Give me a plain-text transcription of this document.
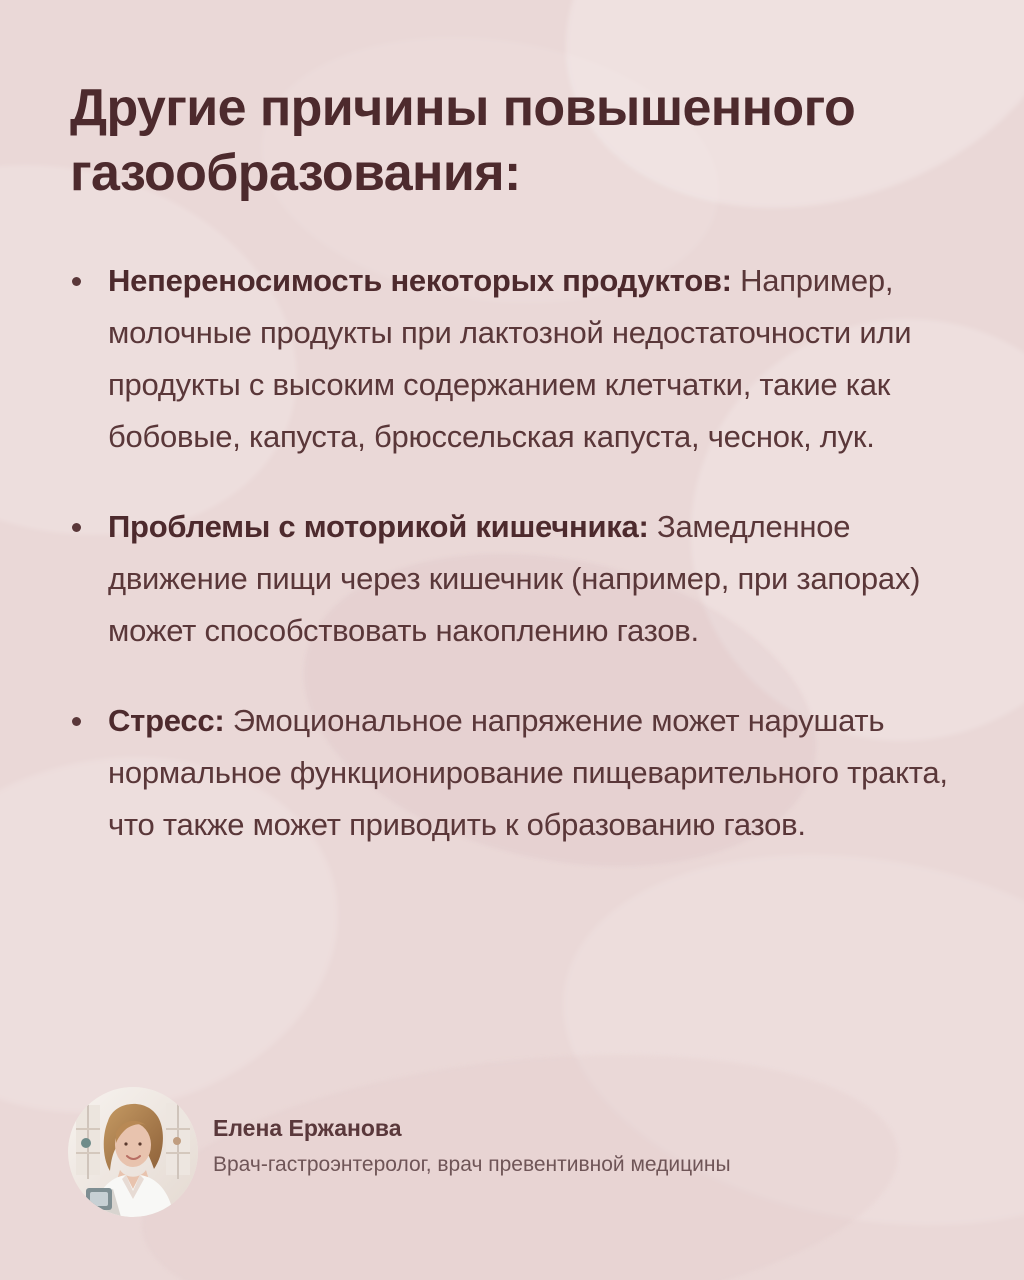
Другие причины повышенного газообразования:
Непереносимость некоторых продуктов: Например, молочные продукты при лактозной недостаточности или продукты с высоким содержанием клетчатки, такие как бобовые, капуста, брюссельская капуста, чеснок, лук.
Проблемы с моторикой кишечника: Замедленное движение пищи через кишечник (например, при запорах) может способствовать накоплению газов.
Стресс: Эмоциональное напряжение может нарушать нормальное функционирование пищеварительного тракта, что также может приводить к образованию газов.
Елена Ержанова
Врач-гастроэнтеролог, врач превентивной медицины
